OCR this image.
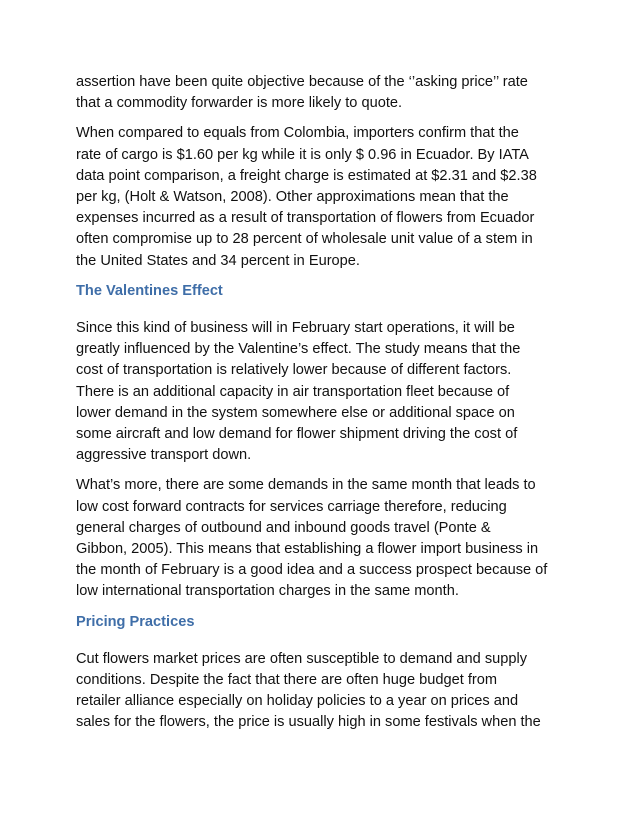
assertion have been quite objective because of the ‘’asking price’’ rate
that a commodity forwarder is more likely to quote.

When compared to equals from Colombia, importers confirm that the
rate of cargo is $1.60 per kg while it is only $ 0.96 in Ecuador. By IATA
data point comparison, a freight charge is estimated at $2.31 and $2.38
per kg, (Holt & Watson, 2008). Other approximations mean that the
expenses incurred as a result of transportation of flowers from Ecuador
often compromise up to 28 percent of wholesale unit value of a stem in
the United States and 34 percent in Europe.

The Valentines Effect

Since this kind of business will in February start operations, it will be
greatly influenced by the Valentine’s effect. The study means that the
cost of transportation is relatively lower because of different factors.
There is an additional capacity in air transportation fleet because of
lower demand in the system somewhere else or additional space on
some aircraft and low demand for flower shipment driving the cost of
aggressive transport down.

What’s more, there are some demands in the same month that leads to
low cost forward contracts for services carriage therefore, reducing
general charges of outbound and inbound goods travel (Ponte &
Gibbon, 2005). This means that establishing a flower import business in
the month of February is a good idea and a success prospect because of
low international transportation charges in the same month.

Pricing Practices

Cut flowers market prices are often susceptible to demand and supply
conditions. Despite the fact that there are often huge budget from
retailer alliance especially on holiday policies to a year on prices and
sales for the flowers, the price is usually high in some festivals when the
